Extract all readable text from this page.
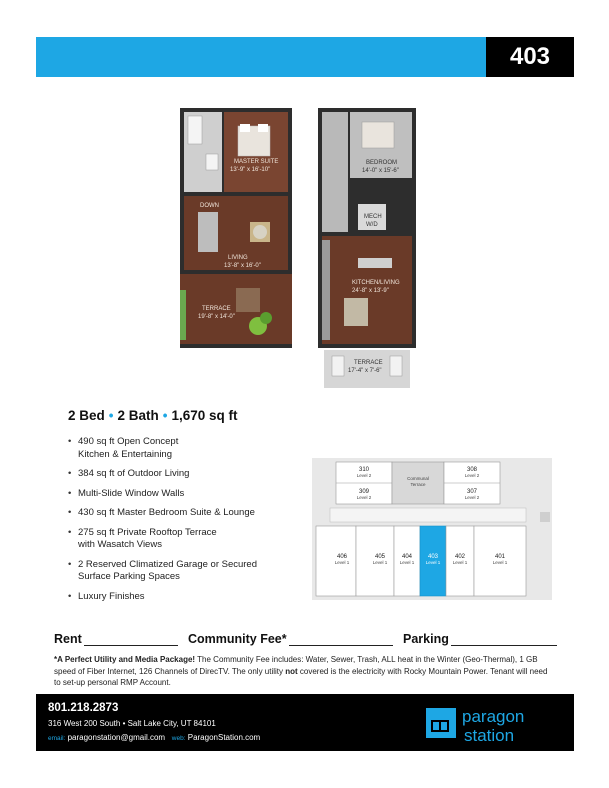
403
MASTER SUITE
13'-9" x 16'-10"
DOWN
LIVING
13'-8" x 16'-0"
TERRACE
19'-8" x 14'-0"
BEDROOM
14'-0" x 15'-6"
MECH
W/D
KITCHEN/LIVING
24'-8" x 13'-9"
TERRACE
17'-4" x 7'-6"
2 Bed • 2 Bath • 1,670 sq ft
• 490 sq ft Open Concept
Kitchen & Entertaining
• 384 sq ft of Outdoor Living
• Multi-Slide Window Walls
• 430 sq ft Master Bedroom Suite & Lounge
• 275 sq ft Private Rooftop Terrace
with Wasatch Views
• 2 Reserved Climatized Garage or Secured
Surface Parking Spaces
• Luxury Finishes
310
Level 2
309
Level 2
308
Level 2
307
Level 2
Communal
Terrace
406
Level 1
405
Level 1
404
Level 1
403
Level 1
402
Level 1
401
Level 1
Rent	Community Fee*	Parking
*A Perfect Utility and Media Package! The Community Fee includes: Water, Sewer, Trash, ALL heat in the Winter (Geo-Thermal), 1 GB speed of Fiber Internet, 126 Channels of DirecTV. The only utility not covered is the electricity with Rocky Mountain Power. Tenant will need to set-up personal RMP Account.
801.218.2873
316 West 200 South • Salt Lake City, UT 84101
email: paragonstation@gmail.com web: ParagonStation.com
paragon
station
